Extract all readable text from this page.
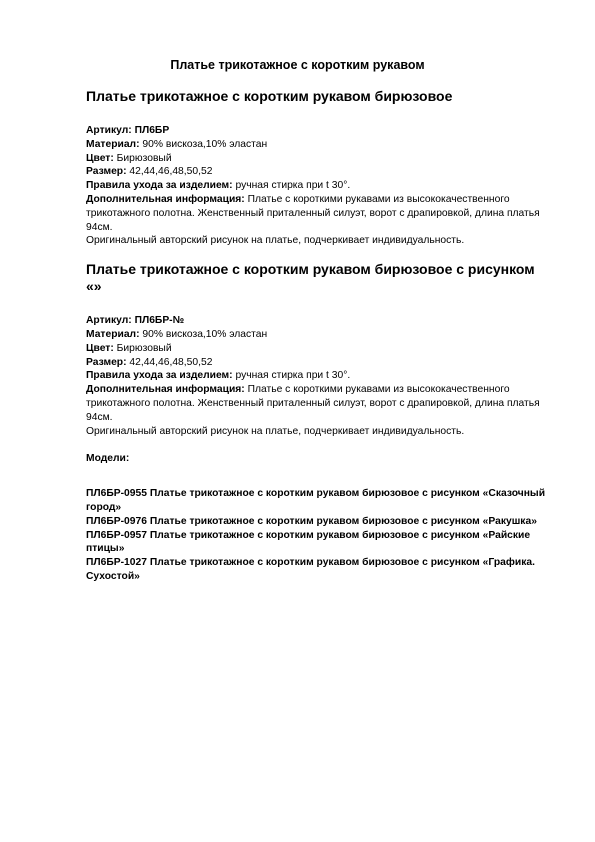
Платье трикотажное с коротким рукавом
Платье трикотажное с коротким рукавом бирюзовое

Артикул: ПЛ6БР

Материал: 90% вискоза,10% эластан

Цвет: Бирюзовый

Размер: 42,44,46,48,50,52

Правила ухода за изделием: ручная стирка при t 30°.

Дополнительная информация: Платье с короткими рукавами из высококачественного трикотажного полотна. Женственный приталенный силуэт, ворот с драпировкой, длина платья 94см.

Оригинальный авторский рисунок на платье, подчеркивает индивидуальность.

Платье трикотажное с коротким рукавом бирюзовое с рисунком «»

Артикул: ПЛ6БР-№

Материал: 90% вискоза,10% эластан

Цвет: Бирюзовый

Размер: 42,44,46,48,50,52

Правила ухода за изделием: ручная стирка при t 30°.

Дополнительная информация: Платье с короткими рукавами из высококачественного трикотажного полотна. Женственный приталенный силуэт, ворот с драпировкой, длина платья 94см.

Оригинальный авторский рисунок на платье, подчеркивает индивидуальность.

Модели:

ПЛ6БР-0955 Платье трикотажное с коротким рукавом бирюзовое с рисунком «Сказочный город»

ПЛ6БР-0976 Платье трикотажное с коротким рукавом бирюзовое с рисунком «Ракушка»

ПЛ6БР-0957 Платье трикотажное с коротким рукавом бирюзовое с рисунком «Райские птицы»

ПЛ6БР-1027 Платье трикотажное с коротким рукавом бирюзовое с рисунком «Графика. Сухостой»
